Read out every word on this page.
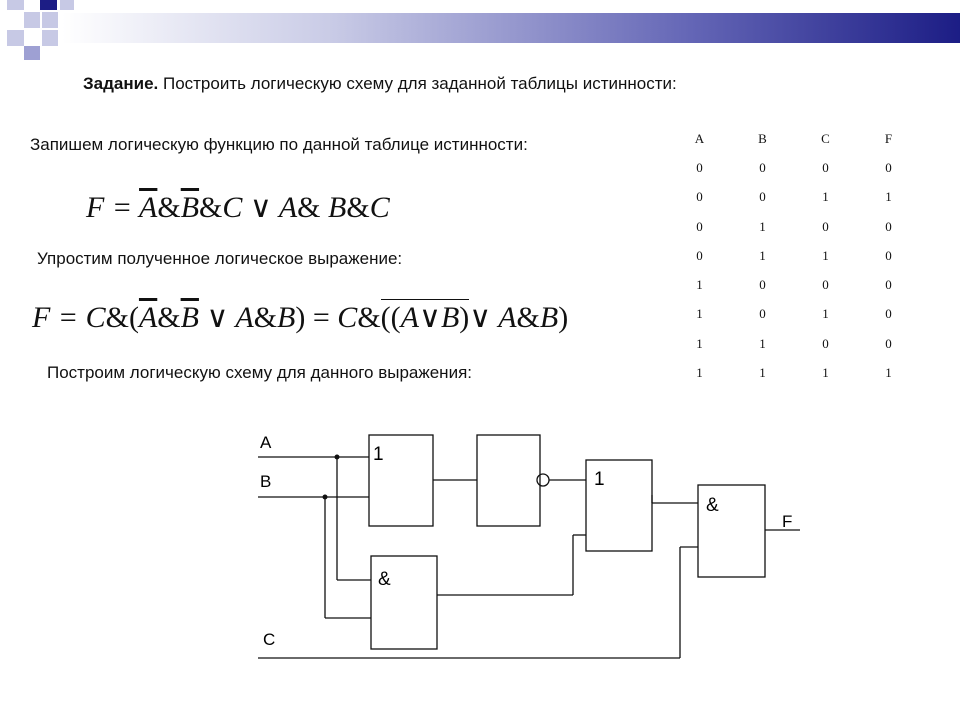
Задание. Построить логическую схему для заданной таблицы истинности:
Запишем логическую функцию по данной таблице истинности:
$F = \overline{A}\&\overline{B}\&C$ ∨ A& B&C
Упростим полученное логическое выражение:
$F = C\&(\overline{A}\&\overline{B}$ ∨ A&B) = C&((A∨B)∨ A&B)
Построим логическую схему для данного выражения:
A	B	C	F
0	0	0	0
0	0	1	1
0	1	0	0
0	1	1	0
1	0	0	0
1	0	1	0
1	1	0	0
1	1	1	1
A
B
C
F
1
&
1
&
